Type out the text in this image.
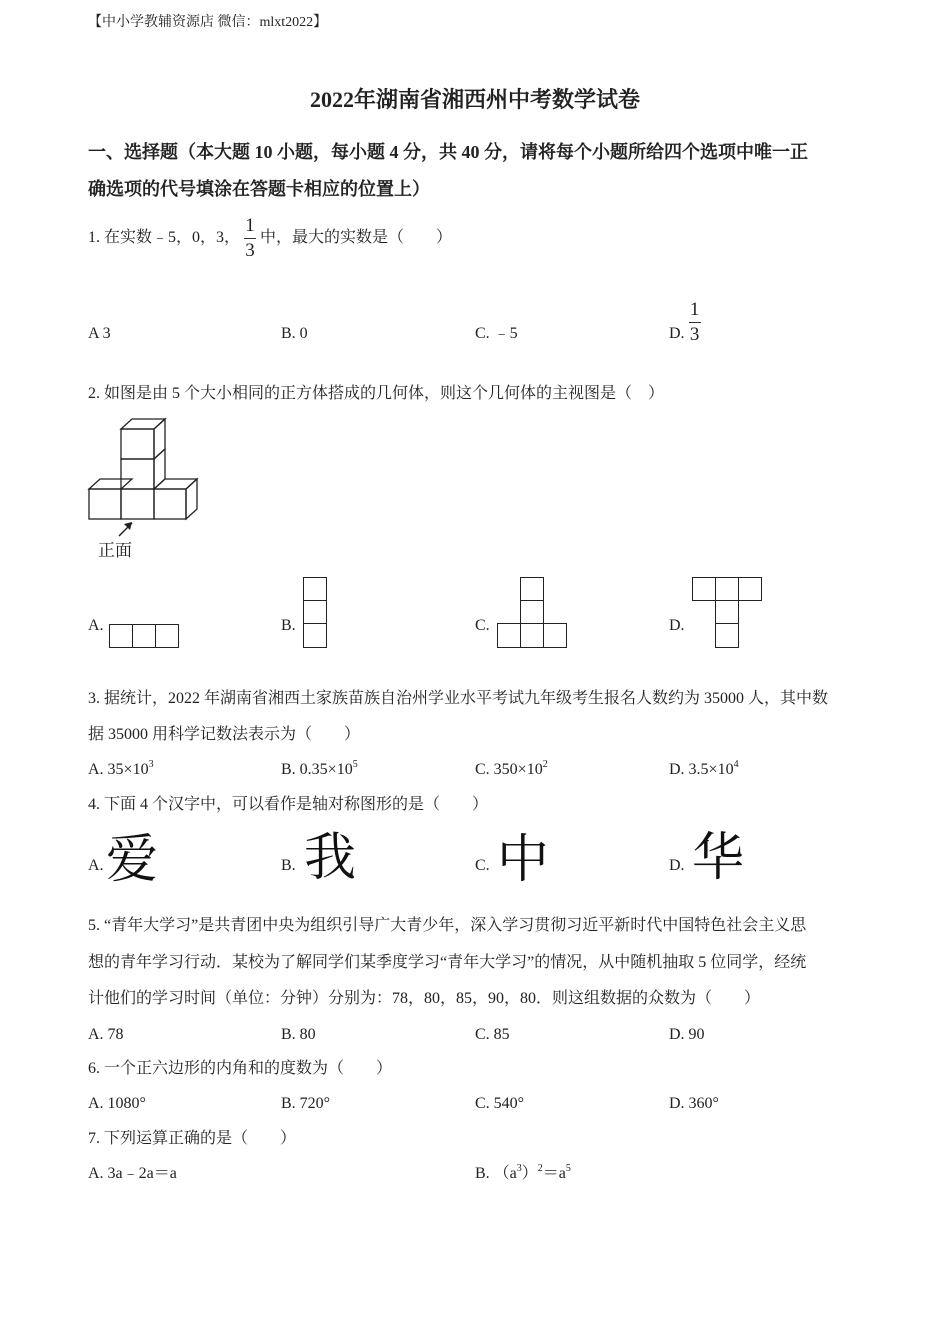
【中小学教辅资源店 微信：mlxt2022】
2022年湖南省湘西州中考数学试卷
一、选择题（本大题 10 小题，每小题 4 分，共 40 分，请将每个小题所给四个选项中唯一正
确选项的代号填涂在答题卡相应的位置上）
1. 在实数﹣5，0，3， $\frac{1}{3}$ 中，最大的实数是（　　）
A 3	B. 0	C. ﹣5	D. $\frac{1}{3}$
2. 如图是由 5 个大小相同的正方体搭成的几何体，则这个几何体的主视图是（　）
正面
A.	B.	C.	D.
3. 据统计，2022 年湖南省湘西土家族苗族自治州学业水平考试九年级考生报名人数约为 35000 人，其中数
据 35000 用科学记数法表示为（　　）
A. $35\times 10^3$	B. $0.35\times 10^5$	C. $350\times 10^2$	D. $3.5\times 10^4$
4. 下面 4 个汉字中，可以看作是轴对称图形的是（　　）
A. 爱	B. 我	C. 中	D. 华
5. “青年大学习”是共青团中央为组织引导广大青少年，深入学习贯彻习近平新时代中国特色社会主义思
想的青年学习行动．某校为了解同学们某季度学习“青年大学习”的情况，从中随机抽取 5 位同学，经统
计他们的学习时间（单位：分钟）分别为：78，80，85，90，80．则这组数据的众数为（　　）
A. 78	B. 80	C. 85	D. 90
6. 一个正六边形的内角和的度数为（　　）
A. 1080°	B. 720°	C. 540°	D. 360°
7. 下列运算正确的是（　　）
A. 3a﹣2a＝a	B. $(a^3)^2=a^5$
